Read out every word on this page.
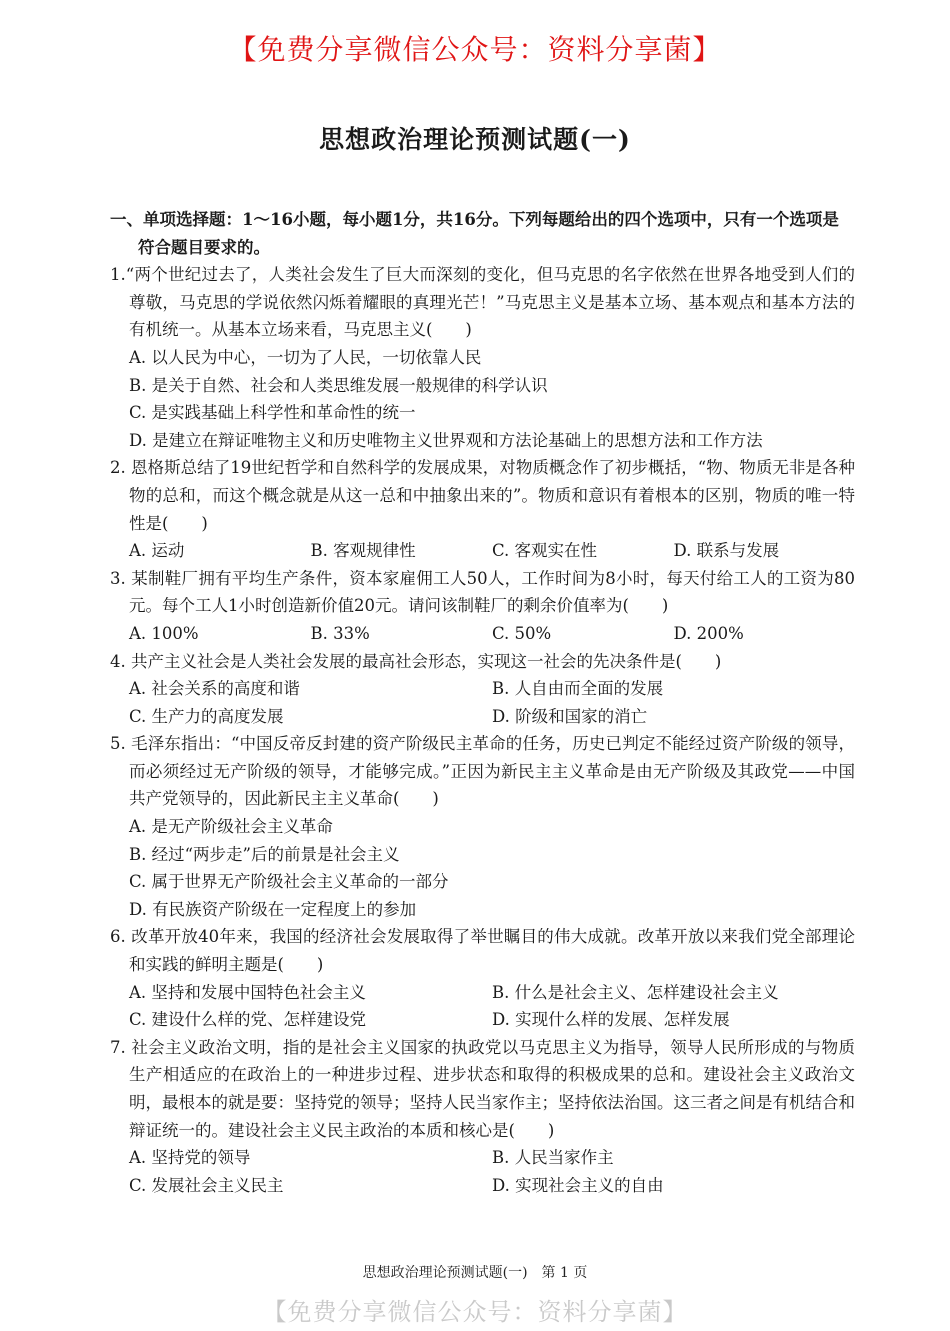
【免费分享微信公众号：资料分享菌】
思想政治理论预测试题(一)
一、单项选择题：1～16小题，每小题1分，共16分。下列每题给出的四个选项中，只有一个选项是符合题目要求的。
1.“两个世纪过去了，人类社会发生了巨大而深刻的变化，但马克思的名字依然在世界各地受到人们的尊敬，马克思的学说依然闪烁着耀眼的真理光芒！”马克思主义是基本立场、基本观点和基本方法的有机统一。从基本立场来看，马克思主义(　　)
A. 以人民为中心，一切为了人民，一切依靠人民
B. 是关于自然、社会和人类思维发展一般规律的科学认识
C. 是实践基础上科学性和革命性的统一
D. 是建立在辩证唯物主义和历史唯物主义世界观和方法论基础上的思想方法和工作方法
2. 恩格斯总结了19世纪哲学和自然科学的发展成果，对物质概念作了初步概括，“物、物质无非是各种物的总和，而这个概念就是从这一总和中抽象出来的”。物质和意识有着根本的区别，物质的唯一特性是(　　)
A. 运动	B. 客观规律性	C. 客观实在性	D. 联系与发展
3. 某制鞋厂拥有平均生产条件，资本家雇佣工人50人，工作时间为8小时，每天付给工人的工资为80元。每个工人1小时创造新价值20元。请问该制鞋厂的剩余价值率为(　　)
A. 100%	B. 33%	C. 50%	D. 200%
4. 共产主义社会是人类社会发展的最高社会形态，实现这一社会的先决条件是(　　)
A. 社会关系的高度和谐	B. 人自由而全面的发展
C. 生产力的高度发展	D. 阶级和国家的消亡
5. 毛泽东指出：“中国反帝反封建的资产阶级民主革命的任务，历史已判定不能经过资产阶级的领导，而必须经过无产阶级的领导，才能够完成。”正因为新民主主义革命是由无产阶级及其政党——中国共产党领导的，因此新民主主义革命(　　)
A. 是无产阶级社会主义革命
B. 经过“两步走”后的前景是社会主义
C. 属于世界无产阶级社会主义革命的一部分
D. 有民族资产阶级在一定程度上的参加
6. 改革开放40年来，我国的经济社会发展取得了举世瞩目的伟大成就。改革开放以来我们党全部理论和实践的鲜明主题是(　　)
A. 坚持和发展中国特色社会主义	B. 什么是社会主义、怎样建设社会主义
C. 建设什么样的党、怎样建设党	D. 实现什么样的发展、怎样发展
7. 社会主义政治文明，指的是社会主义国家的执政党以马克思主义为指导，领导人民所形成的与物质生产相适应的在政治上的一种进步过程、进步状态和取得的积极成果的总和。建设社会主义政治文明，最根本的就是要：坚持党的领导；坚持人民当家作主；坚持依法治国。这三者之间是有机结合和辩证统一的。建设社会主义民主政治的本质和核心是(　　)
A. 坚持党的领导	B. 人民当家作主
C. 发展社会主义民主	D. 实现社会主义的自由
思想政治理论预测试题(一)　第 1 页
【免费分享微信公众号：资料分享菌】
